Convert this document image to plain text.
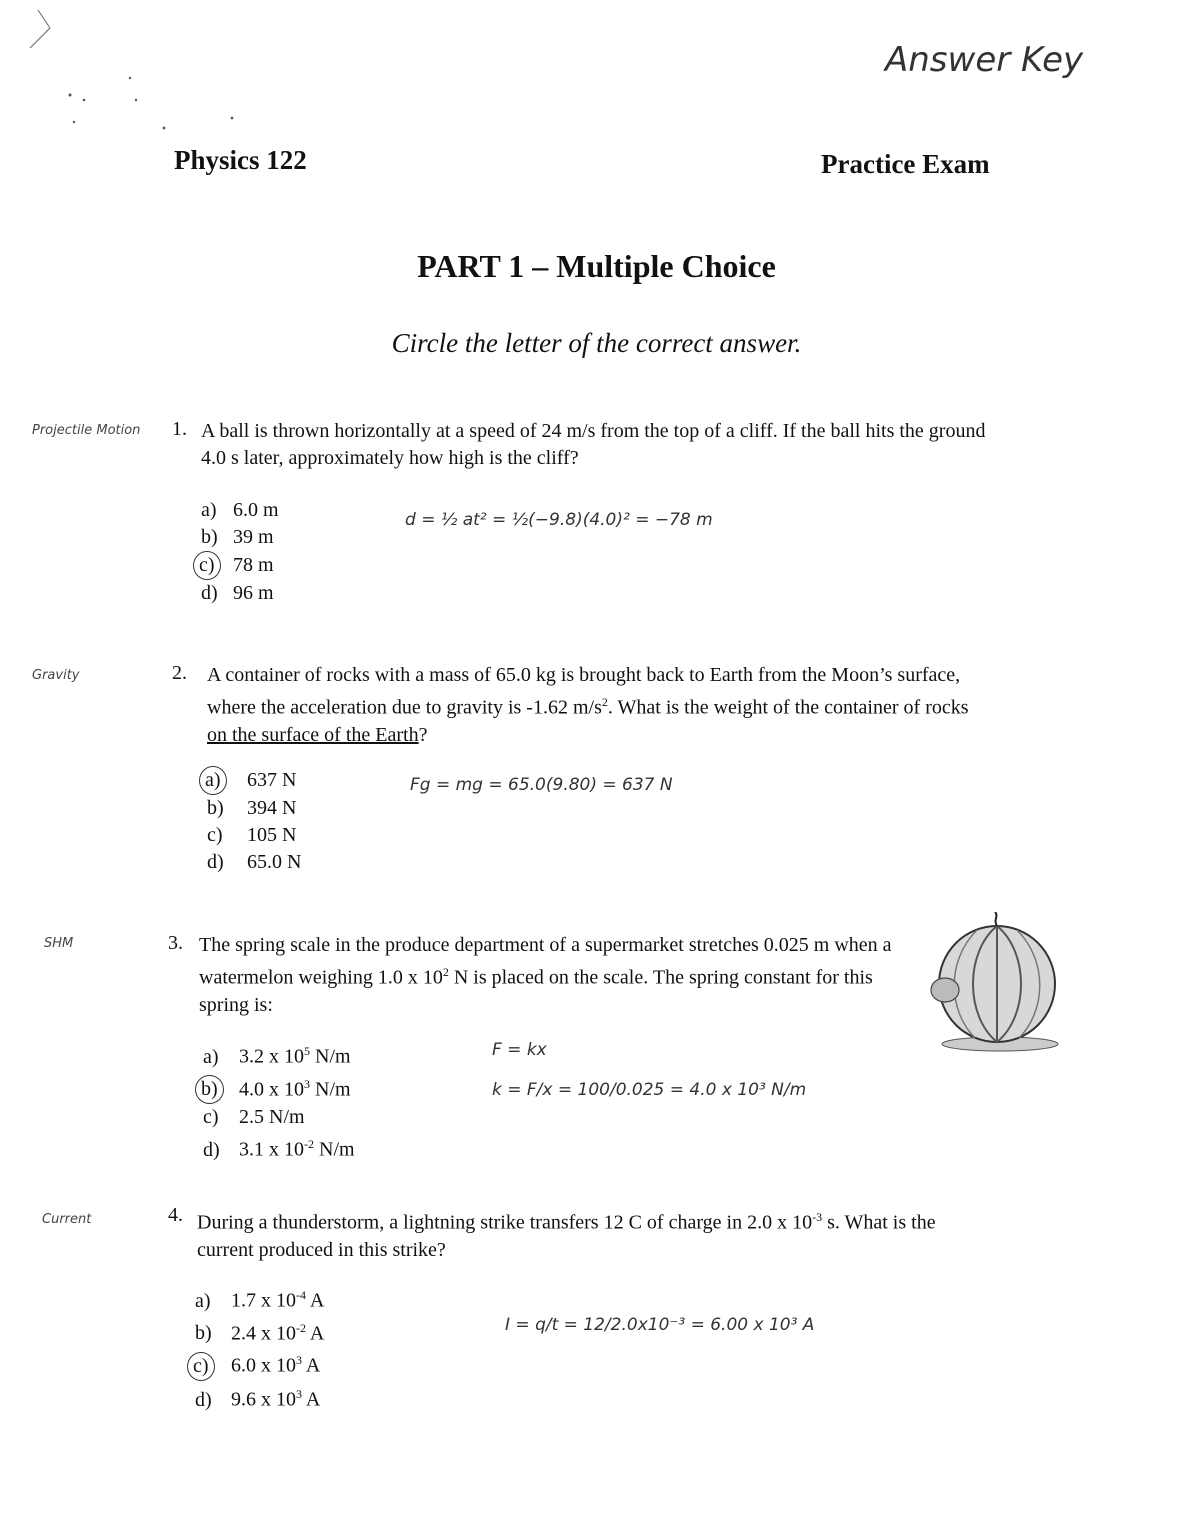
Answer Key
Physics 122	Practice Exam
PART 1 – Multiple Choice
Circle the letter of the correct answer.
Projectile Motion	1. A ball is thrown horizontally at a speed of 24 m/s from the top of a cliff. If the ball hits the ground 4.0 s later, approximately how high is the cliff?
a) 6.0 m
b) 39 m
c) 78 m
d) 96 m
d = ½ at² = ½(−9.8)(4.0)² = −78 m
Gravity	2. A container of rocks with a mass of 65.0 kg is brought back to Earth from the Moon’s surface, where the acceleration due to gravity is -1.62 $m/s^2$. What is the weight of the container of rocks on the surface of the Earth?
a) 637 N
b) 394 N
c) 105 N
d) 65.0 N
Fg = mg = 65.0(9.80) = 637 N
SHM	3. The spring scale in the produce department of a supermarket stretches 0.025 m when a watermelon weighing 1.0 x $10^2$ N is placed on the scale. The spring constant for this spring is:
a) 3.2 x $10^5$ N/m
b) 4.0 x $10^3$ N/m
c) 2.5 N/m
d) 3.1 x $10^{-2}$ N/m
F = kx
k = F/x = 100/0.025 = 4.0 x 10³ N/m
Current	4. During a thunderstorm, a lightning strike transfers 12 C of charge in 2.0 x $10^{-3}$ s. What is the current produced in this strike?
a) 1.7 x $10^{-4}$ A
b) 2.4 x $10^{-2}$ A
c) 6.0 x $10^3$ A
d) 9.6 x $10^3$ A
I = q/t = 12/2.0x10⁻³ = 6.00 x 10³ A
